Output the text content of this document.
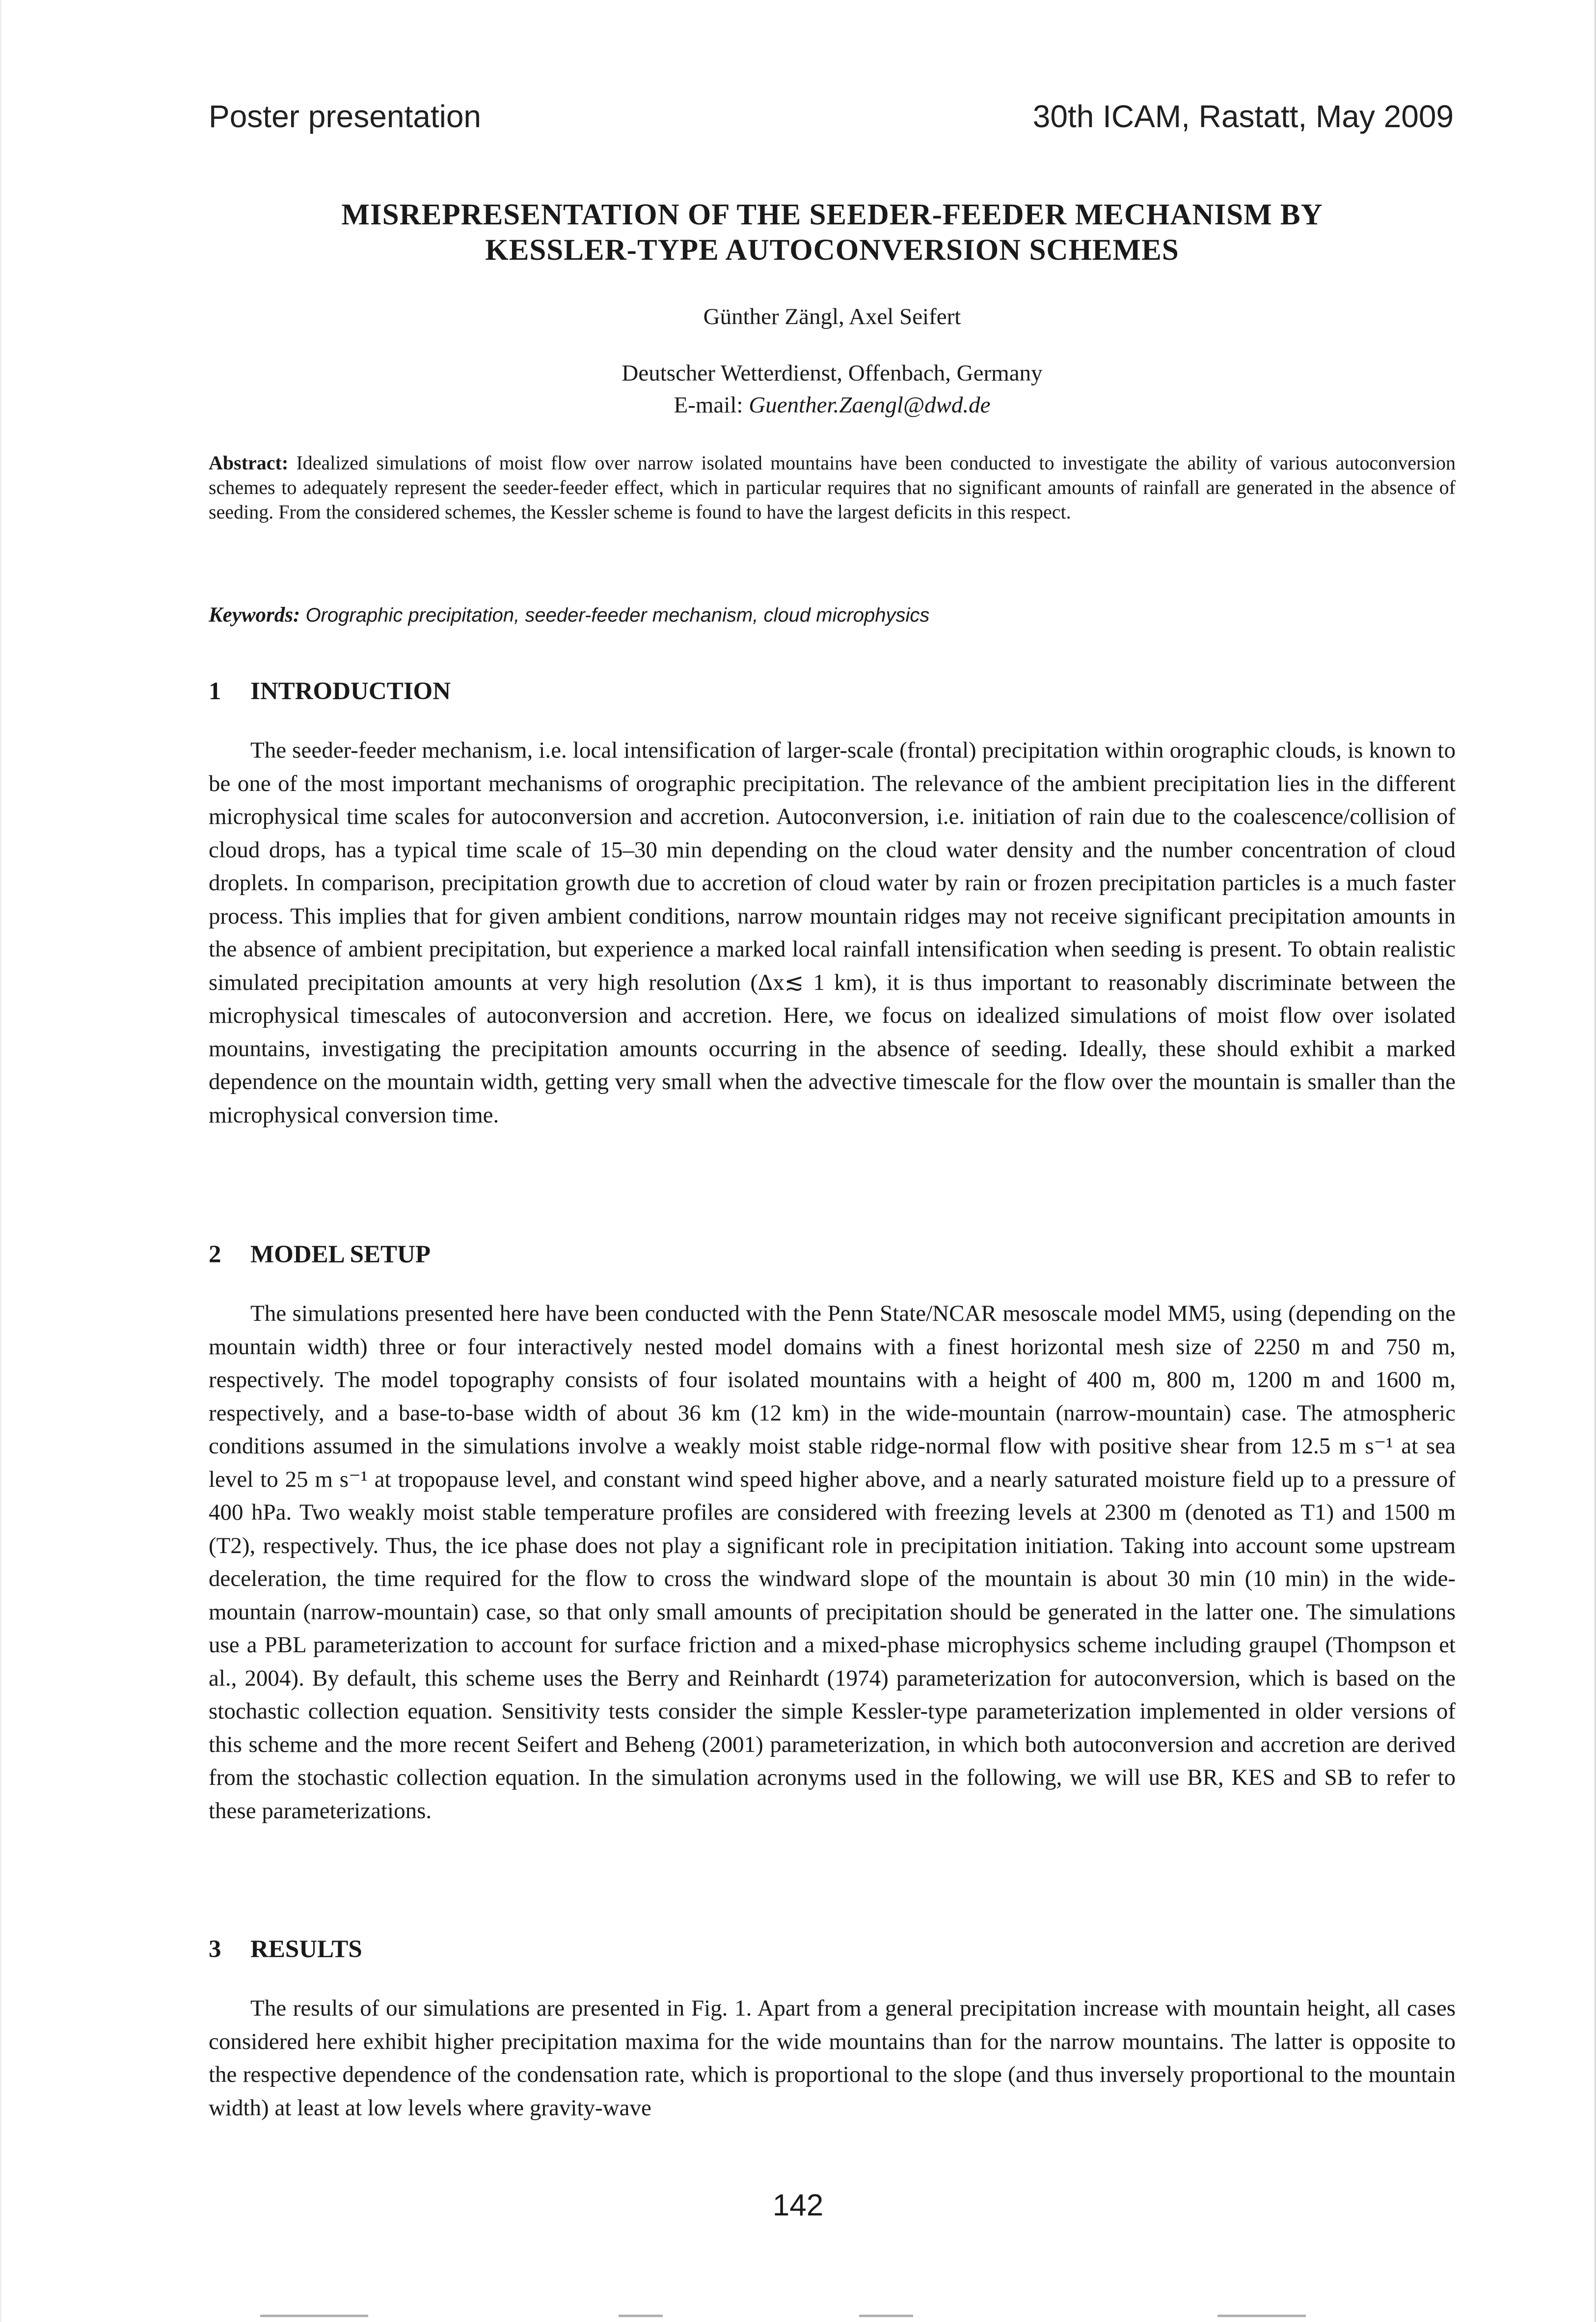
Poster presentation	30th ICAM, Rastatt, May 2009
MISREPRESENTATION OF THE SEEDER-FEEDER MECHANISM BY
KESSLER-TYPE AUTOCONVERSION SCHEMES
Günther Zängl, Axel Seifert
Deutscher Wetterdienst, Offenbach, Germany
E-mail: Guenther.Zaengl@dwd.de
Abstract: Idealized simulations of moist flow over narrow isolated mountains have been conducted to investigate the ability of various autoconversion schemes to adequately represent the seeder-feeder effect, which in particular requires that no significant amounts of rainfall are generated in the absence of seeding. From the considered schemes, the Kessler scheme is found to have the largest deficits in this respect.
Keywords: Orographic precipitation, seeder-feeder mechanism, cloud microphysics
1 INTRODUCTION

The seeder-feeder mechanism, i.e. local intensification of larger-scale (frontal) precipitation within orographic clouds, is known to be one of the most important mechanisms of orographic precipitation. The relevance of the ambient precipitation lies in the different microphysical time scales for autoconversion and accretion. Autoconversion, i.e. initiation of rain due to the coalescence/collision of cloud drops, has a typical time scale of 15–30 min depending on the cloud water density and the number concentration of cloud droplets. In comparison, precipitation growth due to accretion of cloud water by rain or frozen precipitation particles is a much faster process. This implies that for given ambient conditions, narrow mountain ridges may not receive significant precipitation amounts in the absence of ambient precipitation, but experience a marked local rainfall intensification when seeding is present. To obtain realistic simulated precipitation amounts at very high resolution (Δx≲ 1 km), it is thus important to reasonably discriminate between the microphysical timescales of autoconversion and accretion. Here, we focus on idealized simulations of moist flow over isolated mountains, investigating the precipitation amounts occurring in the absence of seeding. Ideally, these should exhibit a marked dependence on the mountain width, getting very small when the advective timescale for the flow over the mountain is smaller than the microphysical conversion time.

2 MODEL SETUP

The simulations presented here have been conducted with the Penn State/NCAR mesoscale model MM5, using (depending on the mountain width) three or four interactively nested model domains with a finest horizontal mesh size of 2250 m and 750 m, respectively. The model topography consists of four isolated mountains with a height of 400 m, 800 m, 1200 m and 1600 m, respectively, and a base-to-base width of about 36 km (12 km) in the wide-mountain (narrow-mountain) case. The atmospheric conditions assumed in the simulations involve a weakly moist stable ridge-normal flow with positive shear from 12.5 m s⁻¹ at sea level to 25 m s⁻¹ at tropopause level, and constant wind speed higher above, and a nearly saturated moisture field up to a pressure of 400 hPa. Two weakly moist stable temperature profiles are considered with freezing levels at 2300 m (denoted as T1) and 1500 m (T2), respectively. Thus, the ice phase does not play a significant role in precipitation initiation. Taking into account some upstream deceleration, the time required for the flow to cross the windward slope of the mountain is about 30 min (10 min) in the wide-mountain (narrow-mountain) case, so that only small amounts of precipitation should be generated in the latter one. The simulations use a PBL parameterization to account for surface friction and a mixed-phase microphysics scheme including graupel (Thompson et al., 2004). By default, this scheme uses the Berry and Reinhardt (1974) parameterization for autoconversion, which is based on the stochastic collection equation. Sensitivity tests consider the simple Kessler-type parameterization implemented in older versions of this scheme and the more recent Seifert and Beheng (2001) parameterization, in which both autoconversion and accretion are derived from the stochastic collection equation. In the simulation acronyms used in the following, we will use BR, KES and SB to refer to these parameterizations.

3 RESULTS

The results of our simulations are presented in Fig. 1. Apart from a general precipitation increase with mountain height, all cases considered here exhibit higher precipitation maxima for the wide mountains than for the narrow mountains. The latter is opposite to the respective dependence of the condensation rate, which is proportional to the slope (and thus inversely proportional to the mountain width) at least at low levels where gravity-wave

142
